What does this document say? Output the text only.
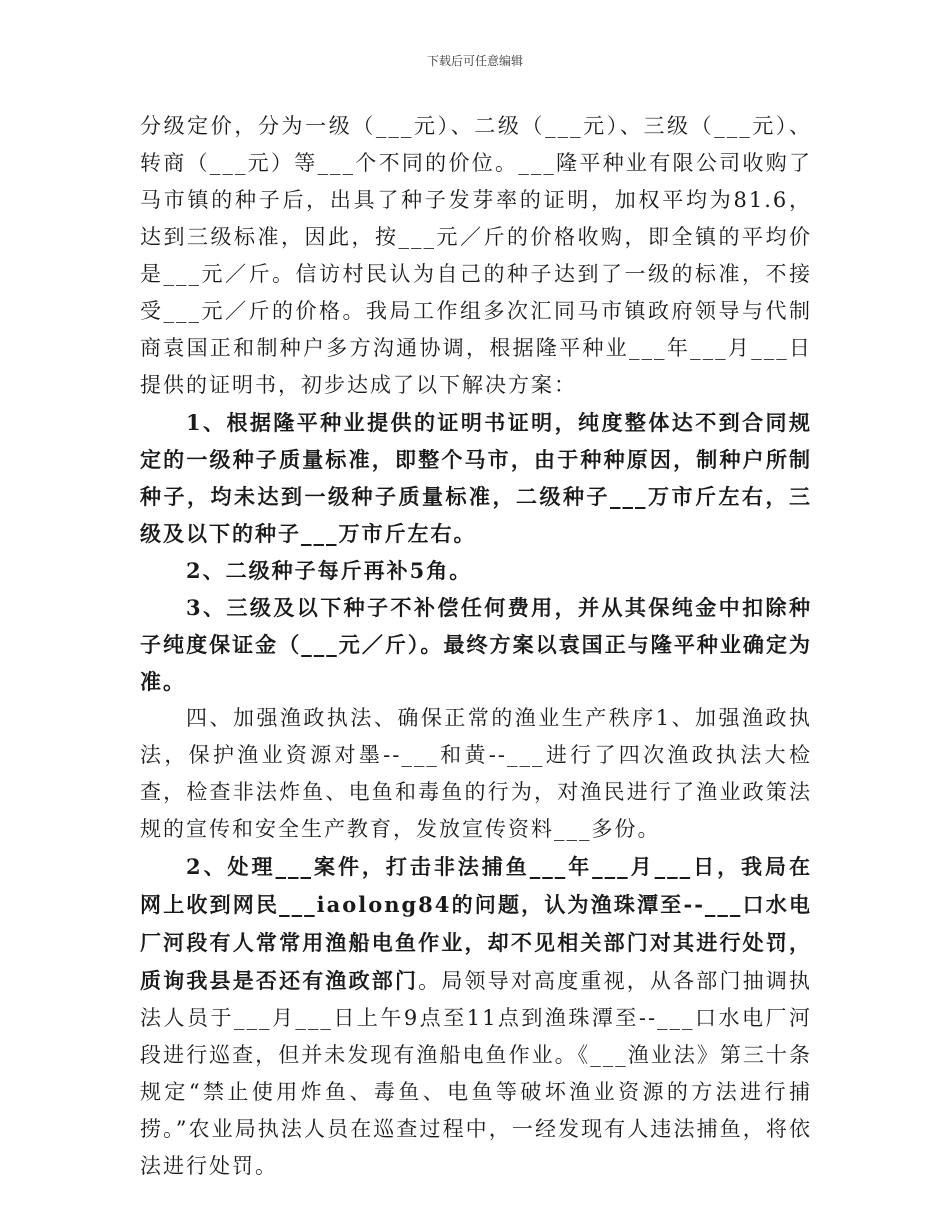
下载后可任意编辑

分级定价，分为一级（___元）、二级（___元）、三级（___元）、转商（___元）等___个不同的价位。___隆平种业有限公司收购了马市镇的种子后，出具了种子发芽率的证明，加权平均为81.6，达到三级标准，因此，按___元／斤的价格收购，即全镇的平均价是___元／斤。信访村民认为自己的种子达到了一级的标准，不接受___元／斤的价格。我局工作组多次汇同马市镇政府领导与代制商袁国正和制种户多方沟通协调，根据隆平种业___年___月___日提供的证明书，初步达成了以下解决方案：

1、根据隆平种业提供的证明书证明，纯度整体达不到合同规定的一级种子质量标准，即整个马市，由于种种原因，制种户所制种子，均未达到一级种子质量标准，二级种子___万市斤左右，三级及以下的种子___万市斤左右。

2、二级种子每斤再补5角。

3、三级及以下种子不补偿任何费用，并从其保纯金中扣除种子纯度保证金（___元／斤）。最终方案以袁国正与隆平种业确定为准。

四、加强渔政执法、确保正常的渔业生产秩序1、加强渔政执法，保护渔业资源对墨--___和黄--___进行了四次渔政执法大检查，检查非法炸鱼、电鱼和毒鱼的行为，对渔民进行了渔业政策法规的宣传和安全生产教育，发放宣传资料___多份。

2、处理___案件，打击非法捕鱼___年___月___日，我局在网上收到网民___iaolong84的问题，认为渔珠潭至--___口水电厂河段有人常常用渔船电鱼作业，却不见相关部门对其进行处罚，质询我县是否还有渔政部门。局领导对高度重视，从各部门抽调执法人员于___月___日上午9点至11点到渔珠潭至--___口水电厂河段进行巡查，但并未发现有渔船电鱼作业。《___渔业法》第三十条规定“禁止使用炸鱼、毒鱼、电鱼等破坏渔业资源的方法进行捕捞。”农业局执法人员在巡查过程中，一经发现有人违法捕鱼，将依法进行处罚。
